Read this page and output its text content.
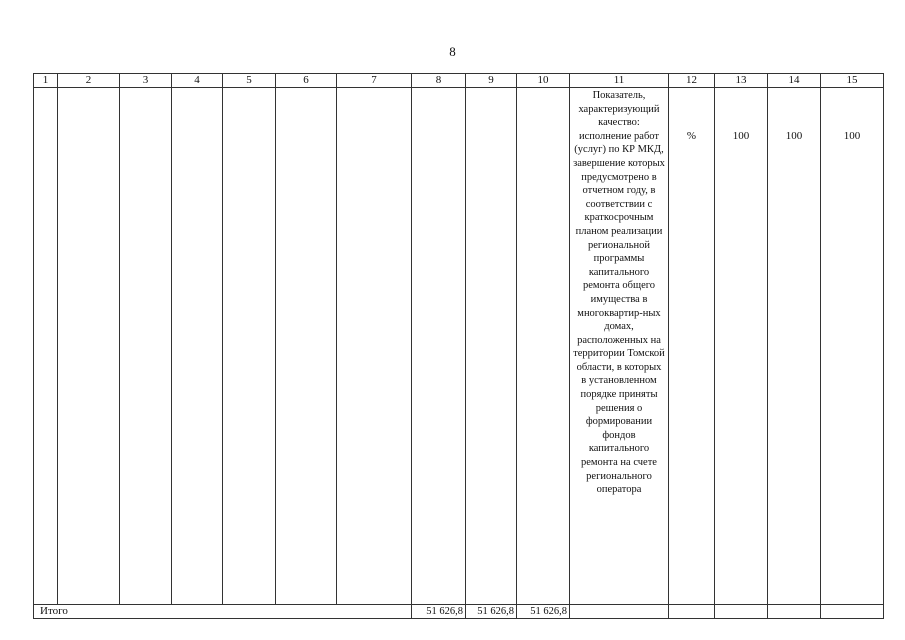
8
1	2	3	4	5	6	7	8	9	10	11	12	13	14	15
										Показатель, характеризующий качество: исполнение работ (услуг) по КР МКД, завершение которых предусмотрено в отчетном году, в соответствии с краткосрочным планом реализации региональной программы капитального ремонта общего имущества в многоквартир-ных домах, расположенных на территории Томской области, в которых в установленном порядке приняты решения о формировании фондов капитального ремонта на счете регионального оператора	%	100	100	100
Итого							51 626,8	51 626,8	51 626,8					
